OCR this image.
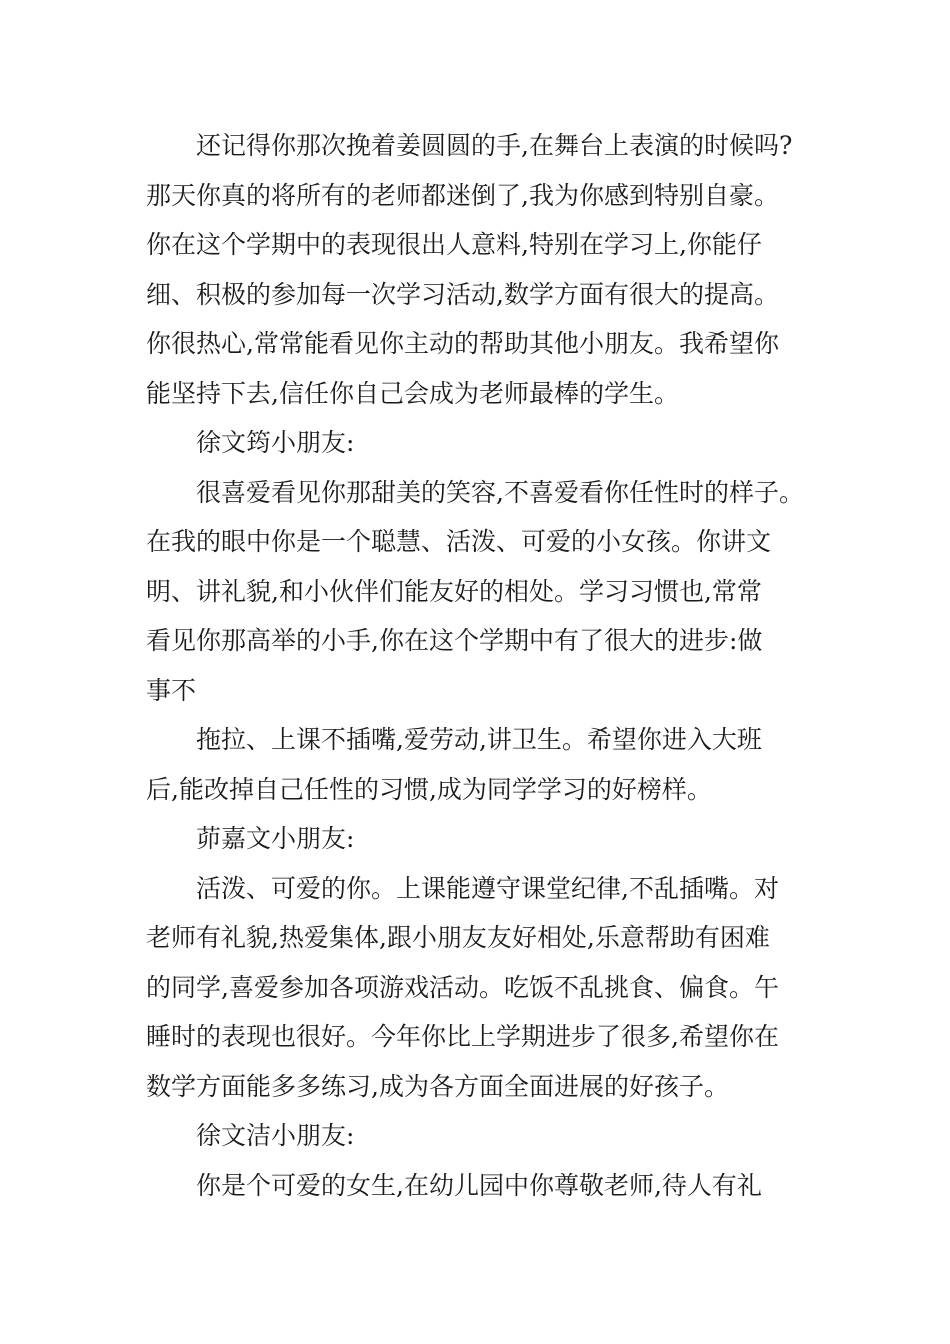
还记得你那次挽着姜圆圆的手,在舞台上表演的时候吗?
那天你真的将所有的老师都迷倒了,我为你感到特别自豪。
你在这个学期中的表现很出人意料,特别在学习上,你能仔
细、积极的参加每一次学习活动,数学方面有很大的提高。
你很热心,常常能看见你主动的帮助其他小朋友。我希望你
能坚持下去,信任你自己会成为老师最棒的学生。

徐文筠小朋友:

很喜爱看见你那甜美的笑容,不喜爱看你任性时的样子。
在我的眼中你是一个聪慧、活泼、可爱的小女孩。你讲文
明、讲礼貌,和小伙伴们能友好的相处。学习习惯也,常常
看见你那高举的小手,你在这个学期中有了很大的进步:做
事不

拖拉、上课不插嘴,爱劳动,讲卫生。希望你进入大班
后,能改掉自己任性的习惯,成为同学学习的好榜样。

茆嘉文小朋友:

活泼、可爱的你。上课能遵守课堂纪律,不乱插嘴。对
老师有礼貌,热爱集体,跟小朋友友好相处,乐意帮助有困难
的同学,喜爱参加各项游戏活动。吃饭不乱挑食、偏食。午
睡时的表现也很好。今年你比上学期进步了很多,希望你在
数学方面能多多练习,成为各方面全面进展的好孩子。

徐文洁小朋友:

你是个可爱的女生,在幼儿园中你尊敬老师,待人有礼
